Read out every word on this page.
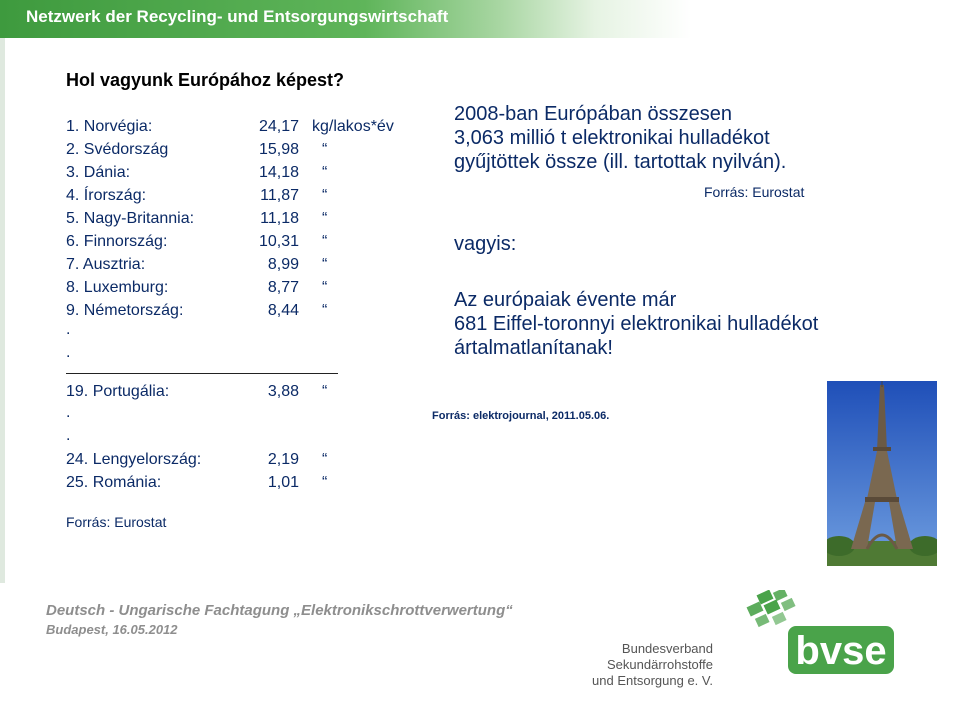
Netzwerk der Recycling- und Entsorgungswirtschaft
Hol vagyunk Európához képest?
1. Norvégia:	24,17 kg/lakos*év
2. Svédország	15,98 “
3. Dánia:	14,18 “
4. Írország:	11,87 “
5. Nagy-Britannia:	11,18 “
6. Finnország:	10,31 “
7. Ausztria:	8,99 “
8. Luxemburg:	8,77 “
9. Németország:	8,44 “
.
.
19. Portugália:	3,88 “
.
.
24. Lengyelország:	2,19 “
25. Románia:	1,01 “
Forrás: Eurostat
2008-ban Európában összesen
3,063 millió t elektronikai hulladékot
gyűjtöttek össze (ill. tartottak nyilván).
Forrás: Eurostat
vagyis:
Az európaiak évente már
681 Eiffel-toronnyi elektronikai hulladékot
ártalmatlanítanak!
Forrás: elektrojournal, 2011.05.06.
Deutsch - Ungarische Fachtagung „Elektronikschrottverwertung“
Budapest, 16.05.2012
Bundesverband Sekundärrohstoffe
und Entsorgung e. V.
bvse
